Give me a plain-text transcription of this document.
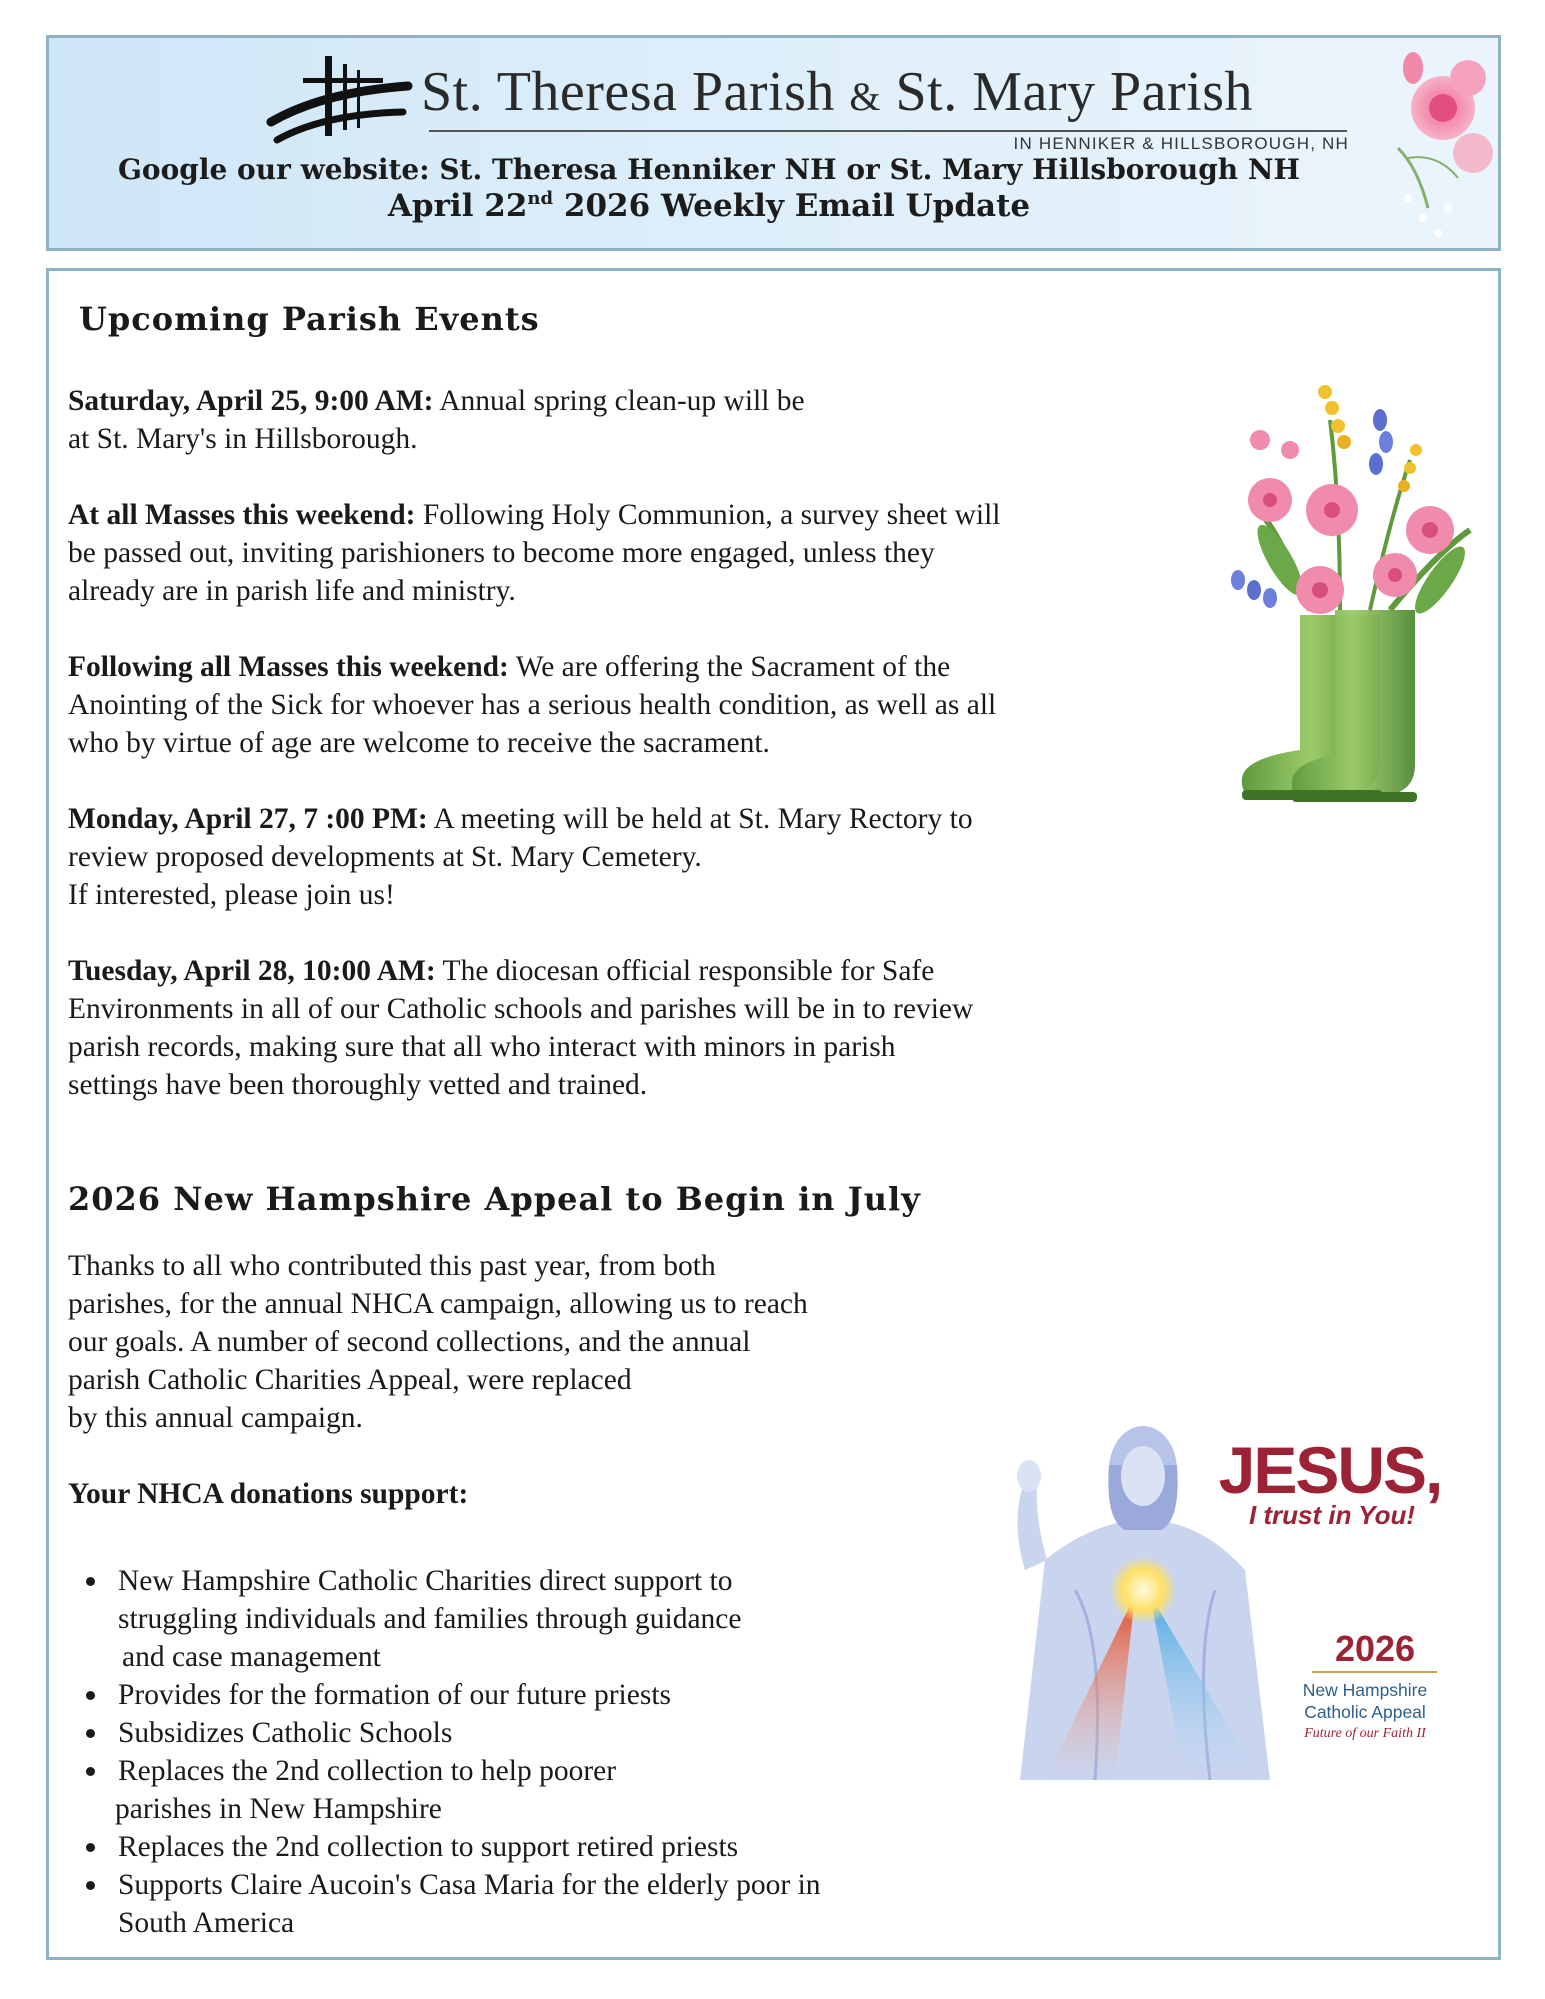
St. Theresa Parish & St. Mary Parish
IN HENNIKER & HILLSBOROUGH, NH
Google our website: St. Theresa Henniker NH or St. Mary Hillsborough NH
April 22nd 2026 Weekly Email Update
Upcoming Parish Events
Saturday, April 25, 9:00 AM: Annual spring clean-up will be
at St. Mary's in Hillsborough.
At all Masses this weekend: Following Holy Communion, a survey sheet will
be passed out, inviting parishioners to become more engaged, unless they
already are in parish life and ministry.
Following all Masses this weekend: We are offering the Sacrament of the
Anointing of the Sick for whoever has a serious health condition, as well as all
who by virtue of age are welcome to receive the sacrament.
Monday, April 27, 7 :00 PM: A meeting will be held at St. Mary Rectory to
review proposed developments at St. Mary Cemetery.
If interested, please join us!
Tuesday, April 28, 10:00 AM: The diocesan official responsible for Safe
Environments in all of our Catholic schools and parishes will be in to review
parish records, making sure that all who interact with minors in parish
settings have been thoroughly vetted and trained.
2026 New Hampshire Appeal to Begin in July
Thanks to all who contributed this past year, from both
parishes, for the annual NHCA campaign, allowing us to reach
our goals. A number of second collections, and the annual
parish Catholic Charities Appeal, were replaced
by this annual campaign.
Your NHCA donations support:
New Hampshire Catholic Charities direct support to
struggling individuals and families through guidance
and case management
Provides for the formation of our future priests
Subsidizes Catholic Schools
Replaces the 2nd collection to help poorer
parishes in New Hampshire
Replaces the 2nd collection to support retired priests
Supports Claire Aucoin's Casa Maria for the elderly poor in
South America
JESUS,
I trust in You!
2026
New Hampshire
Catholic Appeal
Future of our Faith II
